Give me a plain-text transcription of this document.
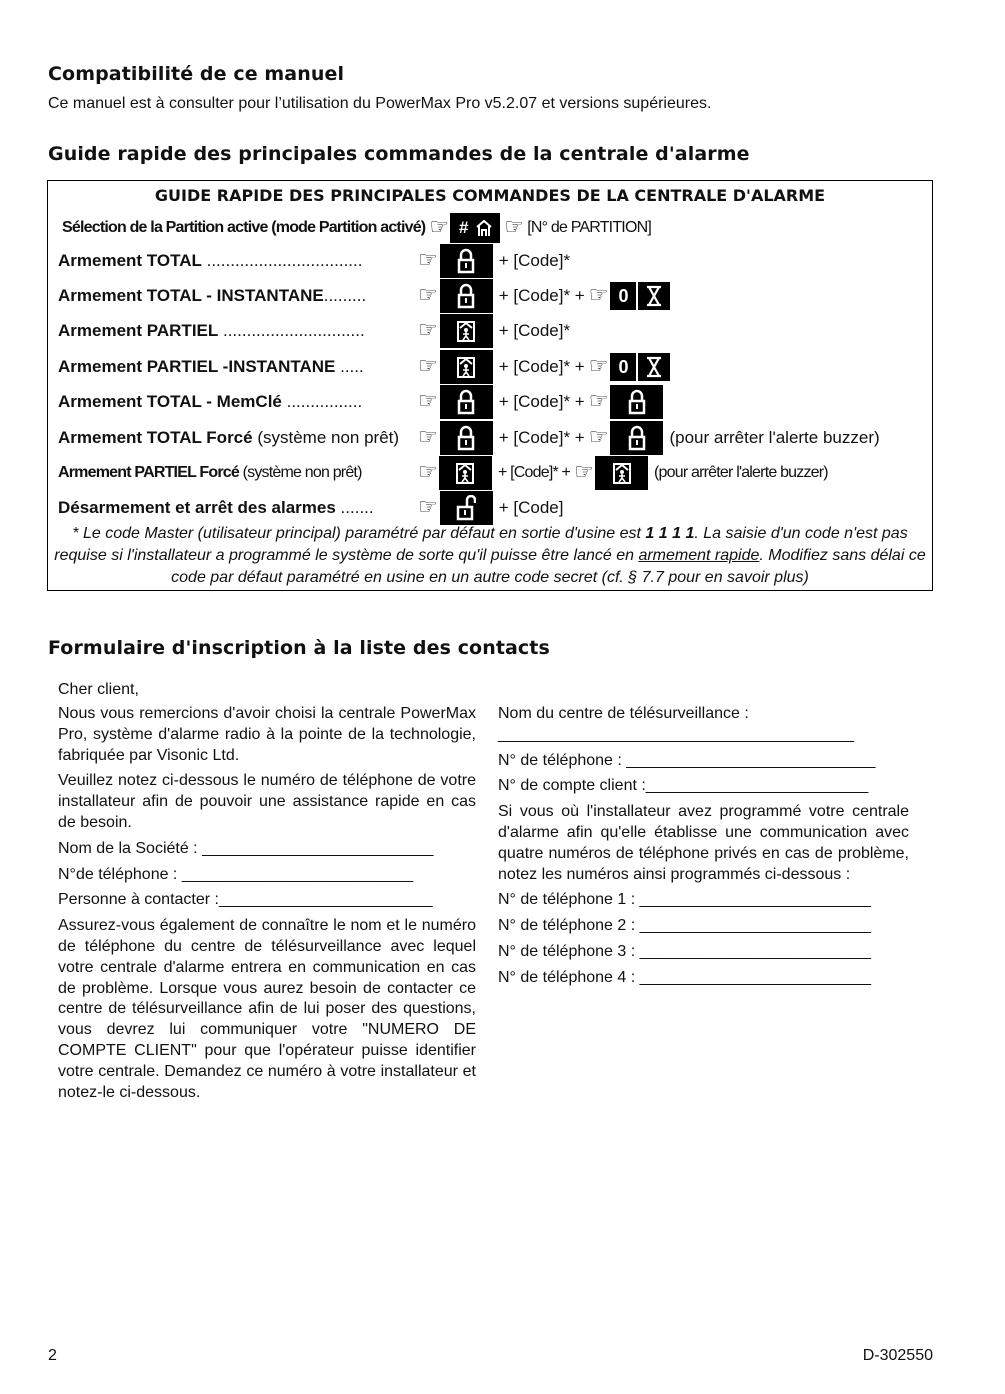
Compatibilité de ce manuel

Ce manuel est à consulter pour l’utilisation du PowerMax Pro v5.2.07 et versions supérieures.

Guide rapide des principales commandes de la centrale d'alarme
GUIDE RAPIDE DES PRINCIPALES COMMANDES DE LA CENTRALE D'ALARME
Sélection de la Partition active (mode Partition activé) ☞ # ☞ [N° de PARTITION]
Armement TOTAL .................................	☞	+ [Code]*
Armement TOTAL - INSTANTANE.........	☞	+ [Code]* + ☞ 0
Armement PARTIEL ..............................	☞	+ [Code]*
Armement PARTIEL -INSTANTANE .....	☞	+ [Code]* + ☞ 0
Armement TOTAL - MemClé ................	☞	+ [Code]* + ☞
Armement TOTAL Forcé (système non prêt) ☞	+ [Code]* + ☞	(pour arrêter l'alerte buzzer)
Armement PARTIEL Forcé (système non prêt)	☞	+ [Code]* + ☞	(pour arrêter l'alerte buzzer)
Désarmement et arrêt des alarmes .......	☞	+ [Code]
* Le code Master (utilisateur principal) paramétré par défaut en sortie d'usine est 1 1 1 1. La saisie d'un code n'est pas requise si l'installateur a programmé le système de sorte qu'il puisse être lancé en armement rapide. Modifiez sans délai ce code par défaut paramétré en usine en un autre code secret (cf. § 7.7 pour en savoir plus)
Formulaire d'inscription à la liste des contacts

Cher client,

Nous vous remercions d'avoir choisi la centrale PowerMax Pro, système d'alarme radio à la pointe de la technologie, fabriquée par Visonic Ltd.

Veuillez notez ci-dessous le numéro de téléphone de votre installateur afin de pouvoir une assistance rapide en cas de besoin.

Nom de la Société : __________________________

N°de téléphone : __________________________

Personne à contacter :________________________

Assurez-vous également de connaître le nom et le numéro de téléphone du centre de télésurveillance avec lequel votre centrale d'alarme entrera en communication en cas de problème. Lorsque vous aurez besoin de contacter ce centre de télésurveillance afin de lui poser des questions, vous devrez lui communiquer votre "NUMERO DE COMPTE CLIENT" pour que l'opérateur puisse identifier votre centrale. Demandez ce numéro à votre installateur et notez-le ci-dessous.

Nom du centre de télésurveillance : ________________________________________

N° de téléphone : ____________________________

N° de compte client :_________________________

Si vous où l'installateur avez programmé votre centrale d'alarme afin qu'elle établisse une communication avec quatre numéros de téléphone privés en cas de problème, notez les numéros ainsi programmés ci-dessous :

N° de téléphone 1 : __________________________

N° de téléphone 2 : __________________________

N° de téléphone 3 : __________________________

N° de téléphone 4 : __________________________

2	D-302550
